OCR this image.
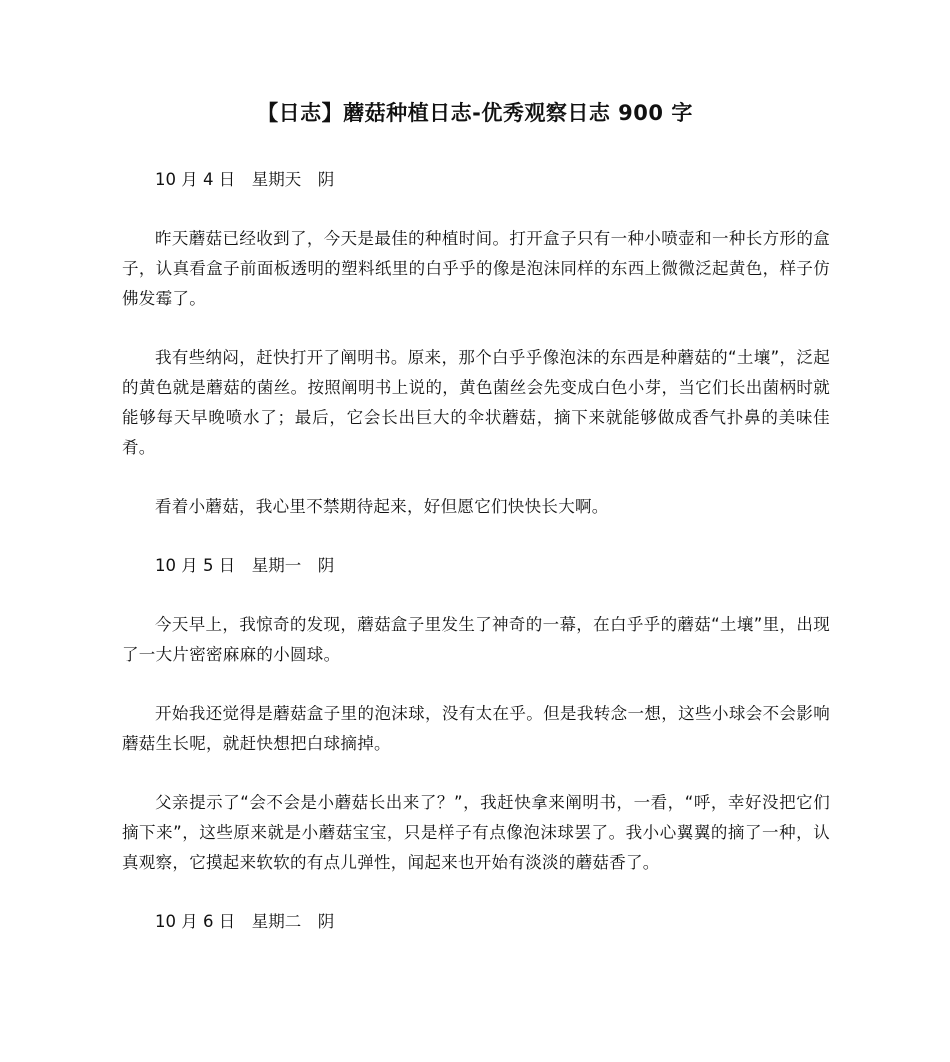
【日志】蘑菇种植日志-优秀观察日志 900 字
10 月 4 日　星期天　阴

昨天蘑菇已经收到了，今天是最佳的种植时间。打开盒子只有一种小喷壶和一种长方形的盒子，认真看盒子前面板透明的塑料纸里的白乎乎的像是泡沫同样的东西上微微泛起黄色，样子仿佛发霉了。

我有些纳闷，赶快打开了阐明书。原来，那个白乎乎像泡沫的东西是种蘑菇的“土壤”，泛起的黄色就是蘑菇的菌丝。按照阐明书上说的，黄色菌丝会先变成白色小芽，当它们长出菌柄时就能够每天早晚喷水了；最后，它会长出巨大的伞状蘑菇，摘下来就能够做成香气扑鼻的美味佳肴。

看着小蘑菇，我心里不禁期待起来，好但愿它们快快长大啊。

10 月 5 日　星期一　阴

今天早上，我惊奇的发现，蘑菇盒子里发生了神奇的一幕，在白乎乎的蘑菇“土壤”里，出现了一大片密密麻麻的小圆球。

开始我还觉得是蘑菇盒子里的泡沫球，没有太在乎。但是我转念一想，这些小球会不会影响蘑菇生长呢，就赶快想把白球摘掉。

父亲提示了“会不会是小蘑菇长出来了？”，我赶快拿来阐明书，一看，“呼，幸好没把它们摘下来”，这些原来就是小蘑菇宝宝，只是样子有点像泡沫球罢了。我小心翼翼的摘了一种，认真观察，它摸起来软软的有点儿弹性，闻起来也开始有淡淡的蘑菇香了。

10 月 6 日　星期二　阴
